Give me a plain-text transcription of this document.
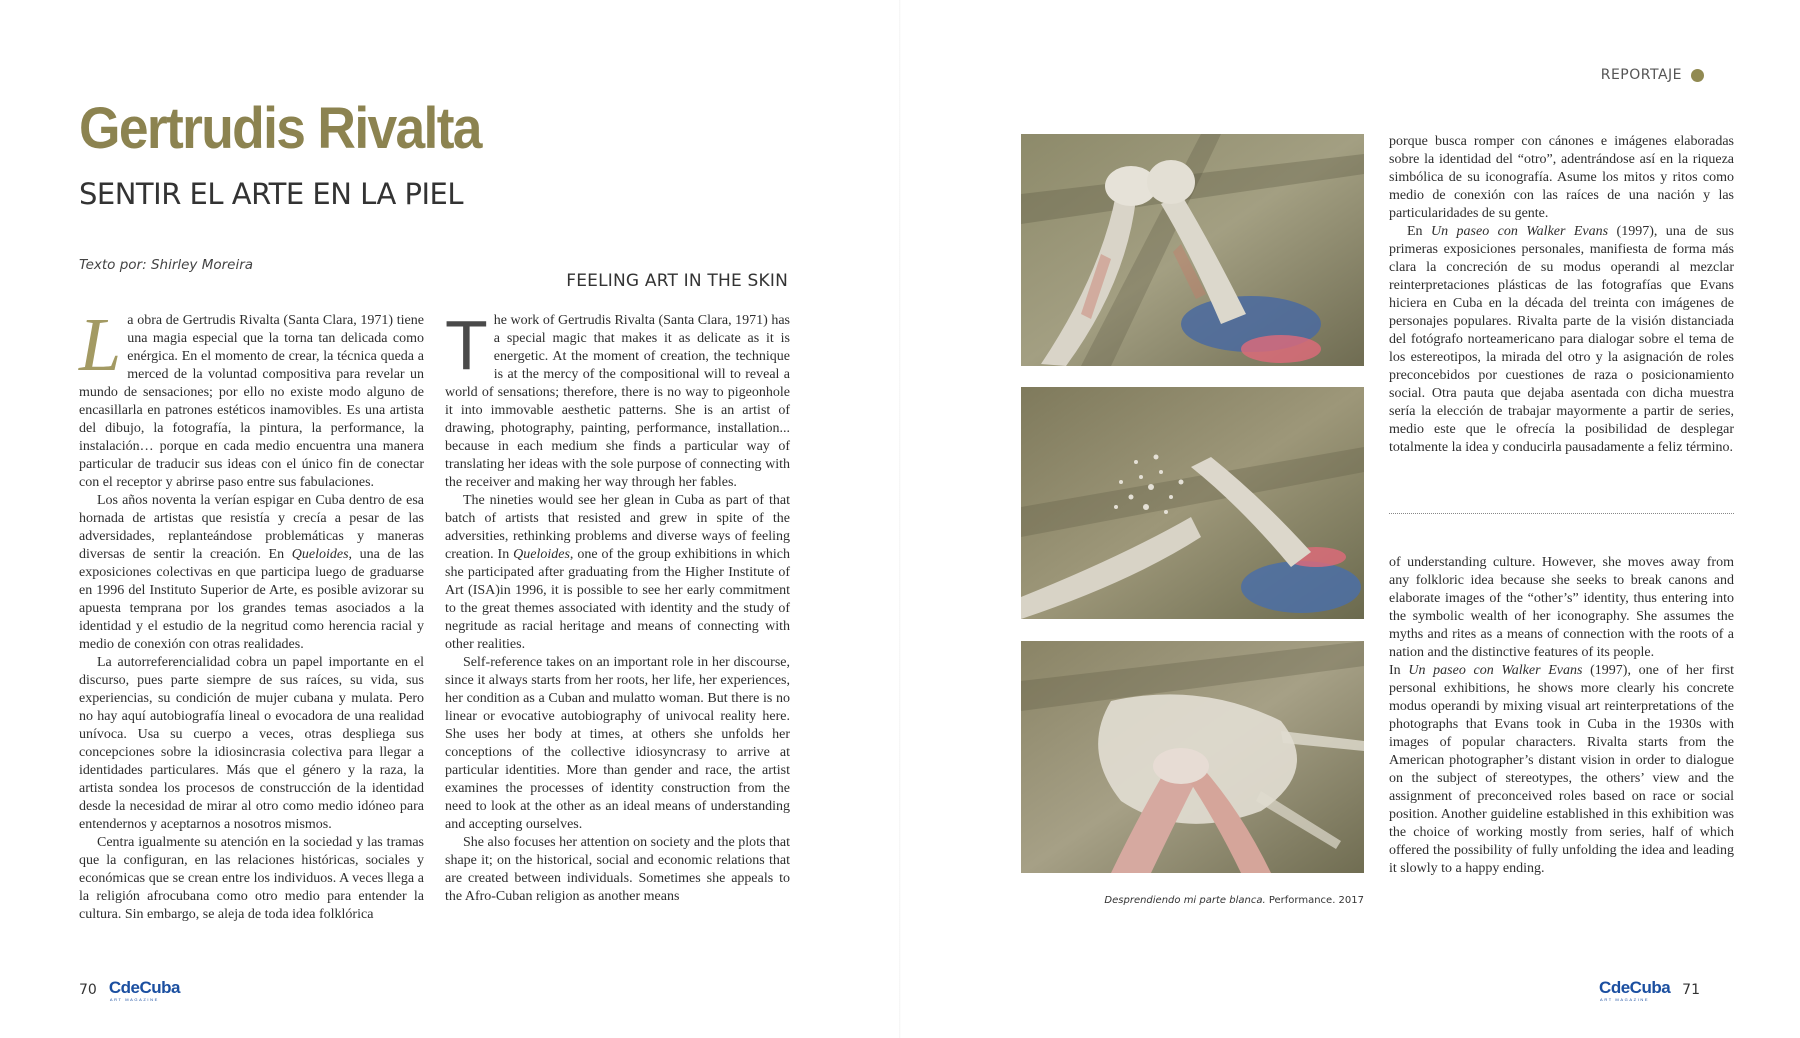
Gertrudis Rivalta
SENTIR EL ARTE EN LA PIEL
Texto por: Shirley Moreira
FEELING ART IN THE SKIN

La obra de Gertrudis Rivalta (Santa Clara, 1971) tiene una magia especial que la torna tan delicada como enérgica. En el momento de crear, la técnica queda a merced de la voluntad compositiva para revelar un mundo de sensaciones; por ello no existe modo alguno de encasillarla en patrones estéticos inamovibles. Es una artista del dibujo, la fotografía, la pintura, la performance, la instalación… porque en cada medio encuentra una manera particular de traducir sus ideas con el único fin de conectar con el receptor y abrirse paso entre sus fabulaciones.

Los años noventa la verían espigar en Cuba dentro de esa hornada de artistas que resistía y crecía a pesar de las adversidades, replanteándose problemáticas y maneras diversas de sentir la creación. En Queloides, una de las exposiciones colectivas en que participa luego de graduarse en 1996 del Instituto Superior de Arte, es posible avizorar su apuesta temprana por los grandes temas asociados a la identidad y el estudio de la negritud como herencia racial y medio de conexión con otras realidades.

La autorreferencialidad cobra un papel importante en el discurso, pues parte siempre de sus raíces, su vida, sus experiencias, su condición de mujer cubana y mulata. Pero no hay aquí autobiografía lineal o evocadora de una realidad unívoca. Usa su cuerpo a veces, otras despliega sus concepciones sobre la idiosincrasia colectiva para llegar a identidades particulares. Más que el género y la raza, la artista sondea los procesos de construcción de la identidad desde la necesidad de mirar al otro como medio idóneo para entendernos y aceptarnos a nosotros mismos.

Centra igualmente su atención en la sociedad y las tramas que la configuran, en las relaciones históricas, sociales y económicas que se crean entre los individuos. A veces llega a la religión afrocubana como otro medio para entender la cultura. Sin embargo, se aleja de toda idea folklórica

The work of Gertrudis Rivalta (Santa Clara, 1971) has a special magic that makes it as delicate as it is energetic. At the moment of creation, the technique is at the mercy of the compositional will to reveal a world of sensations; therefore, there is no way to pigeonhole it into immovable aesthetic patterns. She is an artist of drawing, photography, painting, performance, installation... because in each medium she finds a particular way of translating her ideas with the sole purpose of connecting with the receiver and making her way through her fables.

The nineties would see her glean in Cuba as part of that batch of artists that resisted and grew in spite of the adversities, rethinking problems and diverse ways of feeling creation. In Queloides, one of the group exhibitions in which she participated after graduating from the Higher Institute of Art (ISA)in 1996, it is possible to see her early commitment to the great themes associated with identity and the study of negritude as racial heritage and means of connecting with other realities.

Self-reference takes on an important role in her discourse, since it always starts from her roots, her life, her experiences, her condition as a Cuban and mulatto woman. But there is no linear or evocative autobiography of univocal reality here. She uses her body at times, at others she unfolds her conceptions of the collective idiosyncrasy to arrive at particular identities. More than gender and race, the artist examines the processes of identity construction from the need to look at the other as an ideal means of understanding and accepting ourselves.

She also focuses her attention on society and the plots that shape it; on the historical, social and economic relations that are created between individuals. Sometimes she appeals to the Afro-Cuban religion as another means

70 CdeCuba
ART MAGAZINE
REPORTAJE
Desprendiendo mi parte blanca. Performance. 2017

porque busca romper con cánones e imágenes elaboradas sobre la identidad del “otro”, adentrándose así en la riqueza simbólica de su iconografía. Asume los mitos y ritos como medio de conexión con las raíces de una nación y las particularidades de su gente.

En Un paseo con Walker Evans (1997), una de sus primeras exposiciones personales, manifiesta de forma más clara la concreción de su modus operandi al mezclar reinterpretaciones plásticas de las fotografías que Evans hiciera en Cuba en la década del treinta con imágenes de personajes populares. Rivalta parte de la visión distanciada del fotógrafo norteamericano para dialogar sobre el tema de los estereotipos, la mirada del otro y la asignación de roles preconcebidos por cuestiones de raza o posicionamiento social. Otra pauta que dejaba asentada con dicha muestra sería la elección de trabajar mayormente a partir de series, medio este que le ofrecía la posibilidad de desplegar totalmente la idea y conducirla pausadamente a feliz término.

of understanding culture. However, she moves away from any folkloric idea because she seeks to break canons and elaborate images of the “other’s” identity, thus entering into the symbolic wealth of her iconography. She assumes the myths and rites as a means of connection with the roots of a nation and the distinctive features of its people.

In Un paseo con Walker Evans (1997), one of her first personal exhibitions, he shows more clearly his concrete modus operandi by mixing visual art reinterpretations of the photographs that Evans took in Cuba in the 1930s with images of popular characters. Rivalta starts from the American photographer’s distant vision in order to dialogue on the subject of stereotypes, the others’ view and the assignment of preconceived roles based on race or social position. Another guideline established in this exhibition was the choice of working mostly from series, half of which offered the possibility of fully unfolding the idea and leading it slowly to a happy ending.

CdeCuba
ART MAGAZINE
71
